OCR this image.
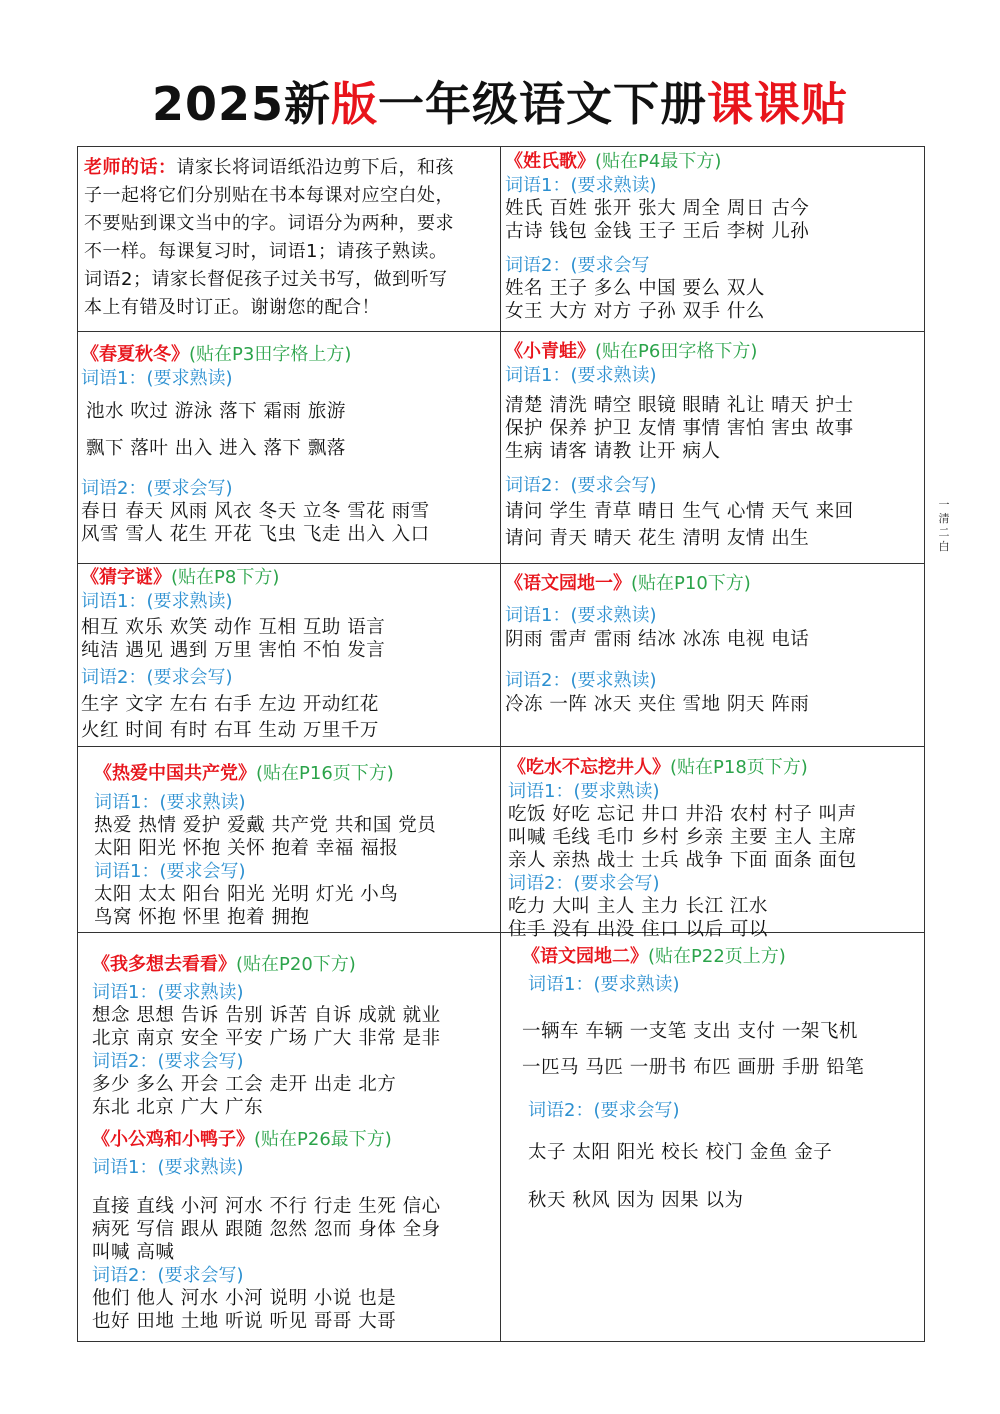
2025新版一年级语文下册课课贴
一 清 二 白
老师的话：请家长将词语纸沿边剪下后，和孩
子一起将它们分别贴在书本每课对应空白处，
不要贴到课文当中的字。词语分为两种，要求
不一样。每课复习时，词语1；请孩子熟读。
词语2；请家长督促孩子过关书写，做到听写
本上有错及时订正。谢谢您的配合！
《姓氏歌》(贴在P4最下方)
词语1：(要求熟读)
姓氏 百姓 张开 张大 周全 周日 古今
古诗 钱包 金钱 王子 王后 李树 儿孙
词语2：(要求会写
姓名 王子 多么 中国 要么 双人
女王 大方 对方 子孙 双手 什么
《春夏秋冬》(贴在P3田字格上方)
词语1：(要求熟读)
池水 吹过 游泳 落下 霜雨 旅游
飘下 落叶 出入 进入 落下 飘落
词语2：(要求会写)
春日 春天 风雨 风衣 冬天 立冬 雪花 雨雪
风雪 雪人 花生 开花 飞虫 飞走 出入 入口
《小青蛙》(贴在P6田字格下方)
词语1：(要求熟读)
清楚 清洗 晴空 眼镜 眼睛 礼让 晴天 护士
保护 保养 护卫 友情 事情 害怕 害虫 故事
生病 请客 请教 让开 病人
词语2：(要求会写)
请问 学生 青草 晴日 生气 心情 天气 来回
请问 青天 晴天 花生 清明 友情 出生
《猜字谜》(贴在P8下方)
词语1：(要求熟读)
相互 欢乐 欢笑 动作 互相 互助 语言
纯洁 遇见 遇到 万里 害怕 不怕 发言
词语2：(要求会写)
生字 文字 左右 右手 左边 开动红花
火红 时间 有时 右耳 生动 万里千万
《语文园地一》(贴在P10下方)
词语1：(要求熟读)
阴雨 雷声 雷雨 结冰 冰冻 电视 电话
词语2：(要求熟读)
冷冻 一阵 冰天 夹住 雪地 阴天 阵雨
《热爱中国共产党》(贴在P16页下方)
词语1：(要求熟读)
热爱 热情 爱护 爱戴 共产党 共和国 党员
太阳 阳光 怀抱 关怀 抱着 幸福 福报
词语1：(要求会写)
太阳 太太 阳台 阳光 光明 灯光 小鸟
鸟窝 怀抱 怀里 抱着 拥抱
《吃水不忘挖井人》(贴在P18页下方)
词语1：(要求熟读)
吃饭 好吃 忘记 井口 井沿 农村 村子 叫声
叫喊 毛线 毛巾 乡村 乡亲 主要 主人 主席
亲人 亲热 战士 士兵 战争 下面 面条 面包
词语2：(要求会写)
吃力 大叫 主人 主力 长江 江水
住手 没有 出没 住口 以后 可以
《我多想去看看》(贴在P20下方)
词语1：(要求熟读)
想念 思想 告诉 告别 诉苦 自诉 成就 就业
北京 南京 安全 平安 广场 广大 非常 是非
词语2：(要求会写)
多少 多么 开会 工会 走开 出走 北方
东北 北京 广大 广东
《小公鸡和小鸭子》(贴在P26最下方)
词语1：(要求熟读)
直接 直线 小河 河水 不行 行走 生死 信心
病死 写信 跟从 跟随 忽然 忽而 身体 全身
叫喊 高喊
词语2：(要求会写)
他们 他人 河水 小河 说明 小说 也是
也好 田地 土地 听说 听见 哥哥 大哥
《语文园地二》(贴在P22页上方)
词语1：(要求熟读)
一辆车 车辆 一支笔 支出 支付 一架飞机
一匹马 马匹 一册书 布匹 画册 手册 铅笔
词语2：(要求会写)
太子 太阳 阳光 校长 校门 金鱼 金子
秋天 秋风 因为 因果 以为
